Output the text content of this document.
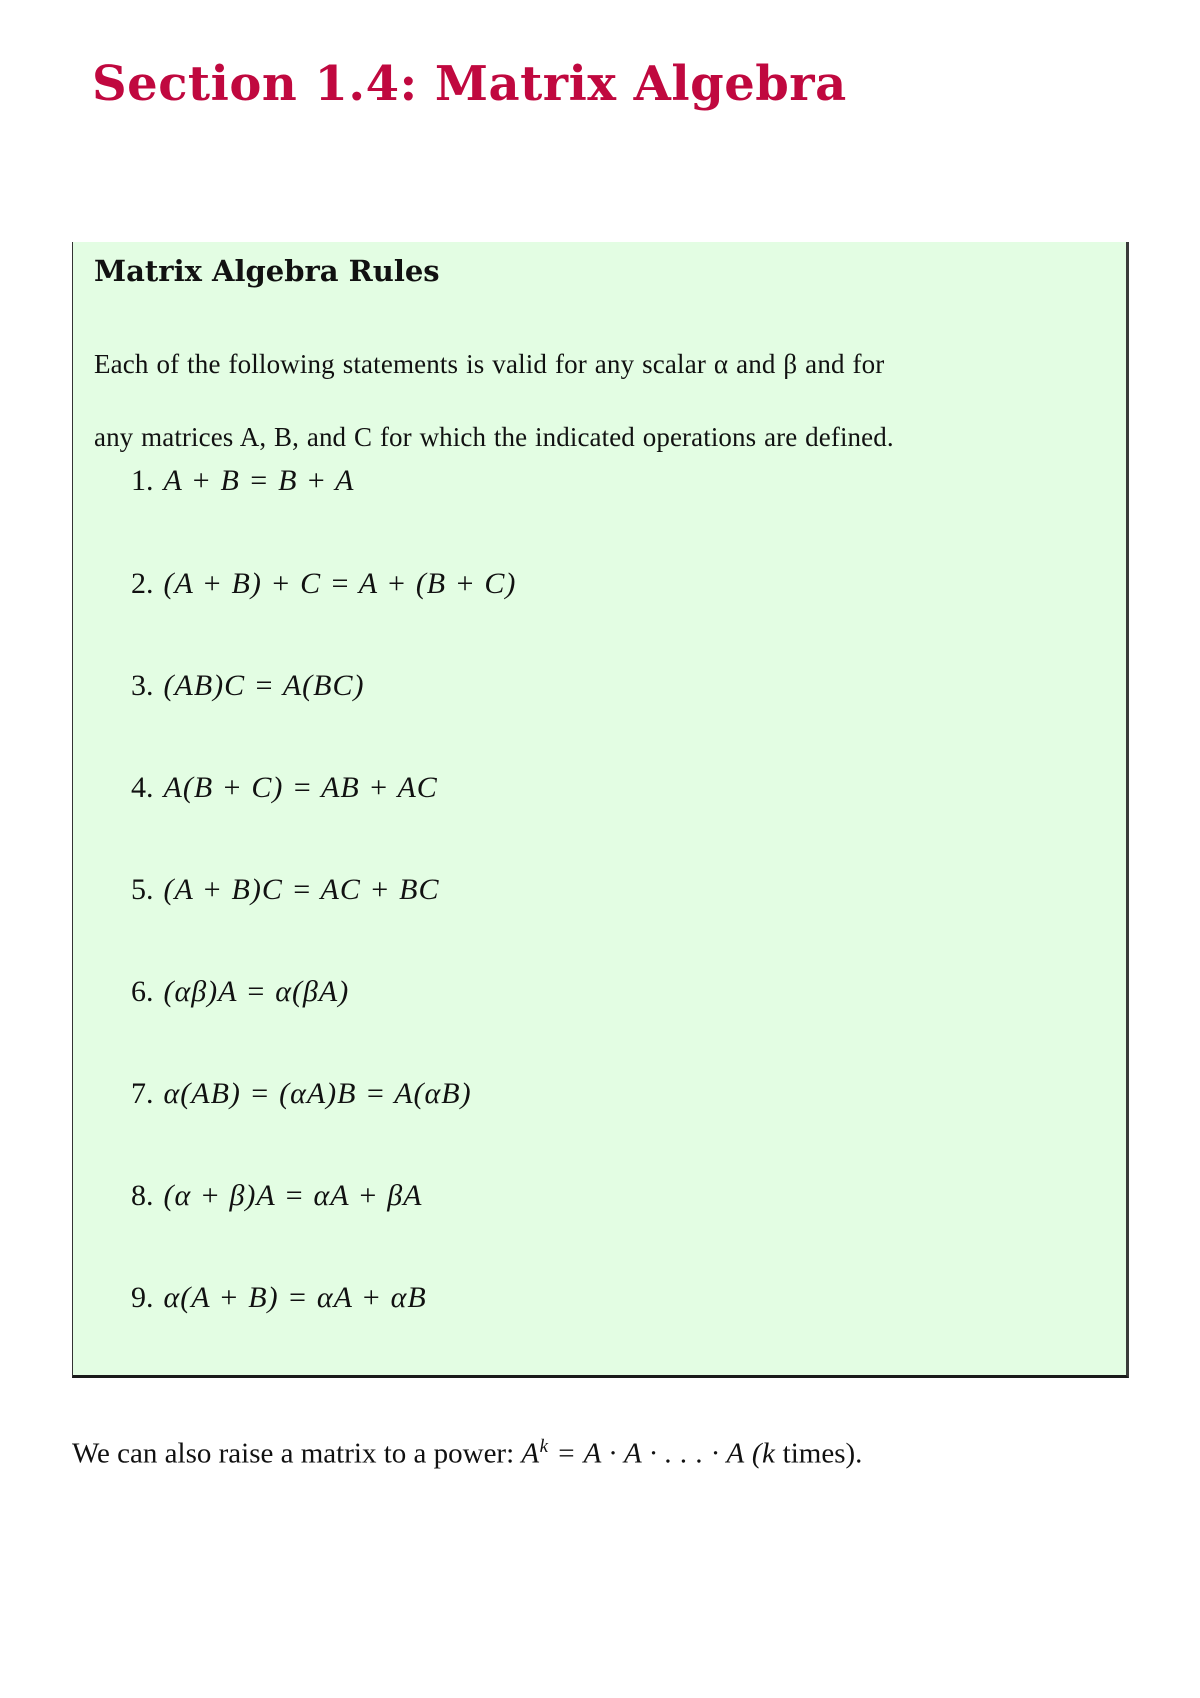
Section 1.4: Matrix Algebra
Matrix Algebra Rules

Each of the following statements is valid for any scalar α and β and for
any matrices A, B, and C for which the indicated operations are defined.

1. A + B = B + A
2. (A + B) + C = A + (B + C)
3. (AB)C = A(BC)
4. A(B + C) = AB + AC
5. (A + B)C = AC + BC
6. (αβ)A = α(βA)
7. α(AB) = (αA)B = A(αB)
8. (α + β)A = αA + βA
9. α(A + B) = αA + αB

We can also raise a matrix to a power: $A^k = A \cdot A$ · . . . · A (k times).
